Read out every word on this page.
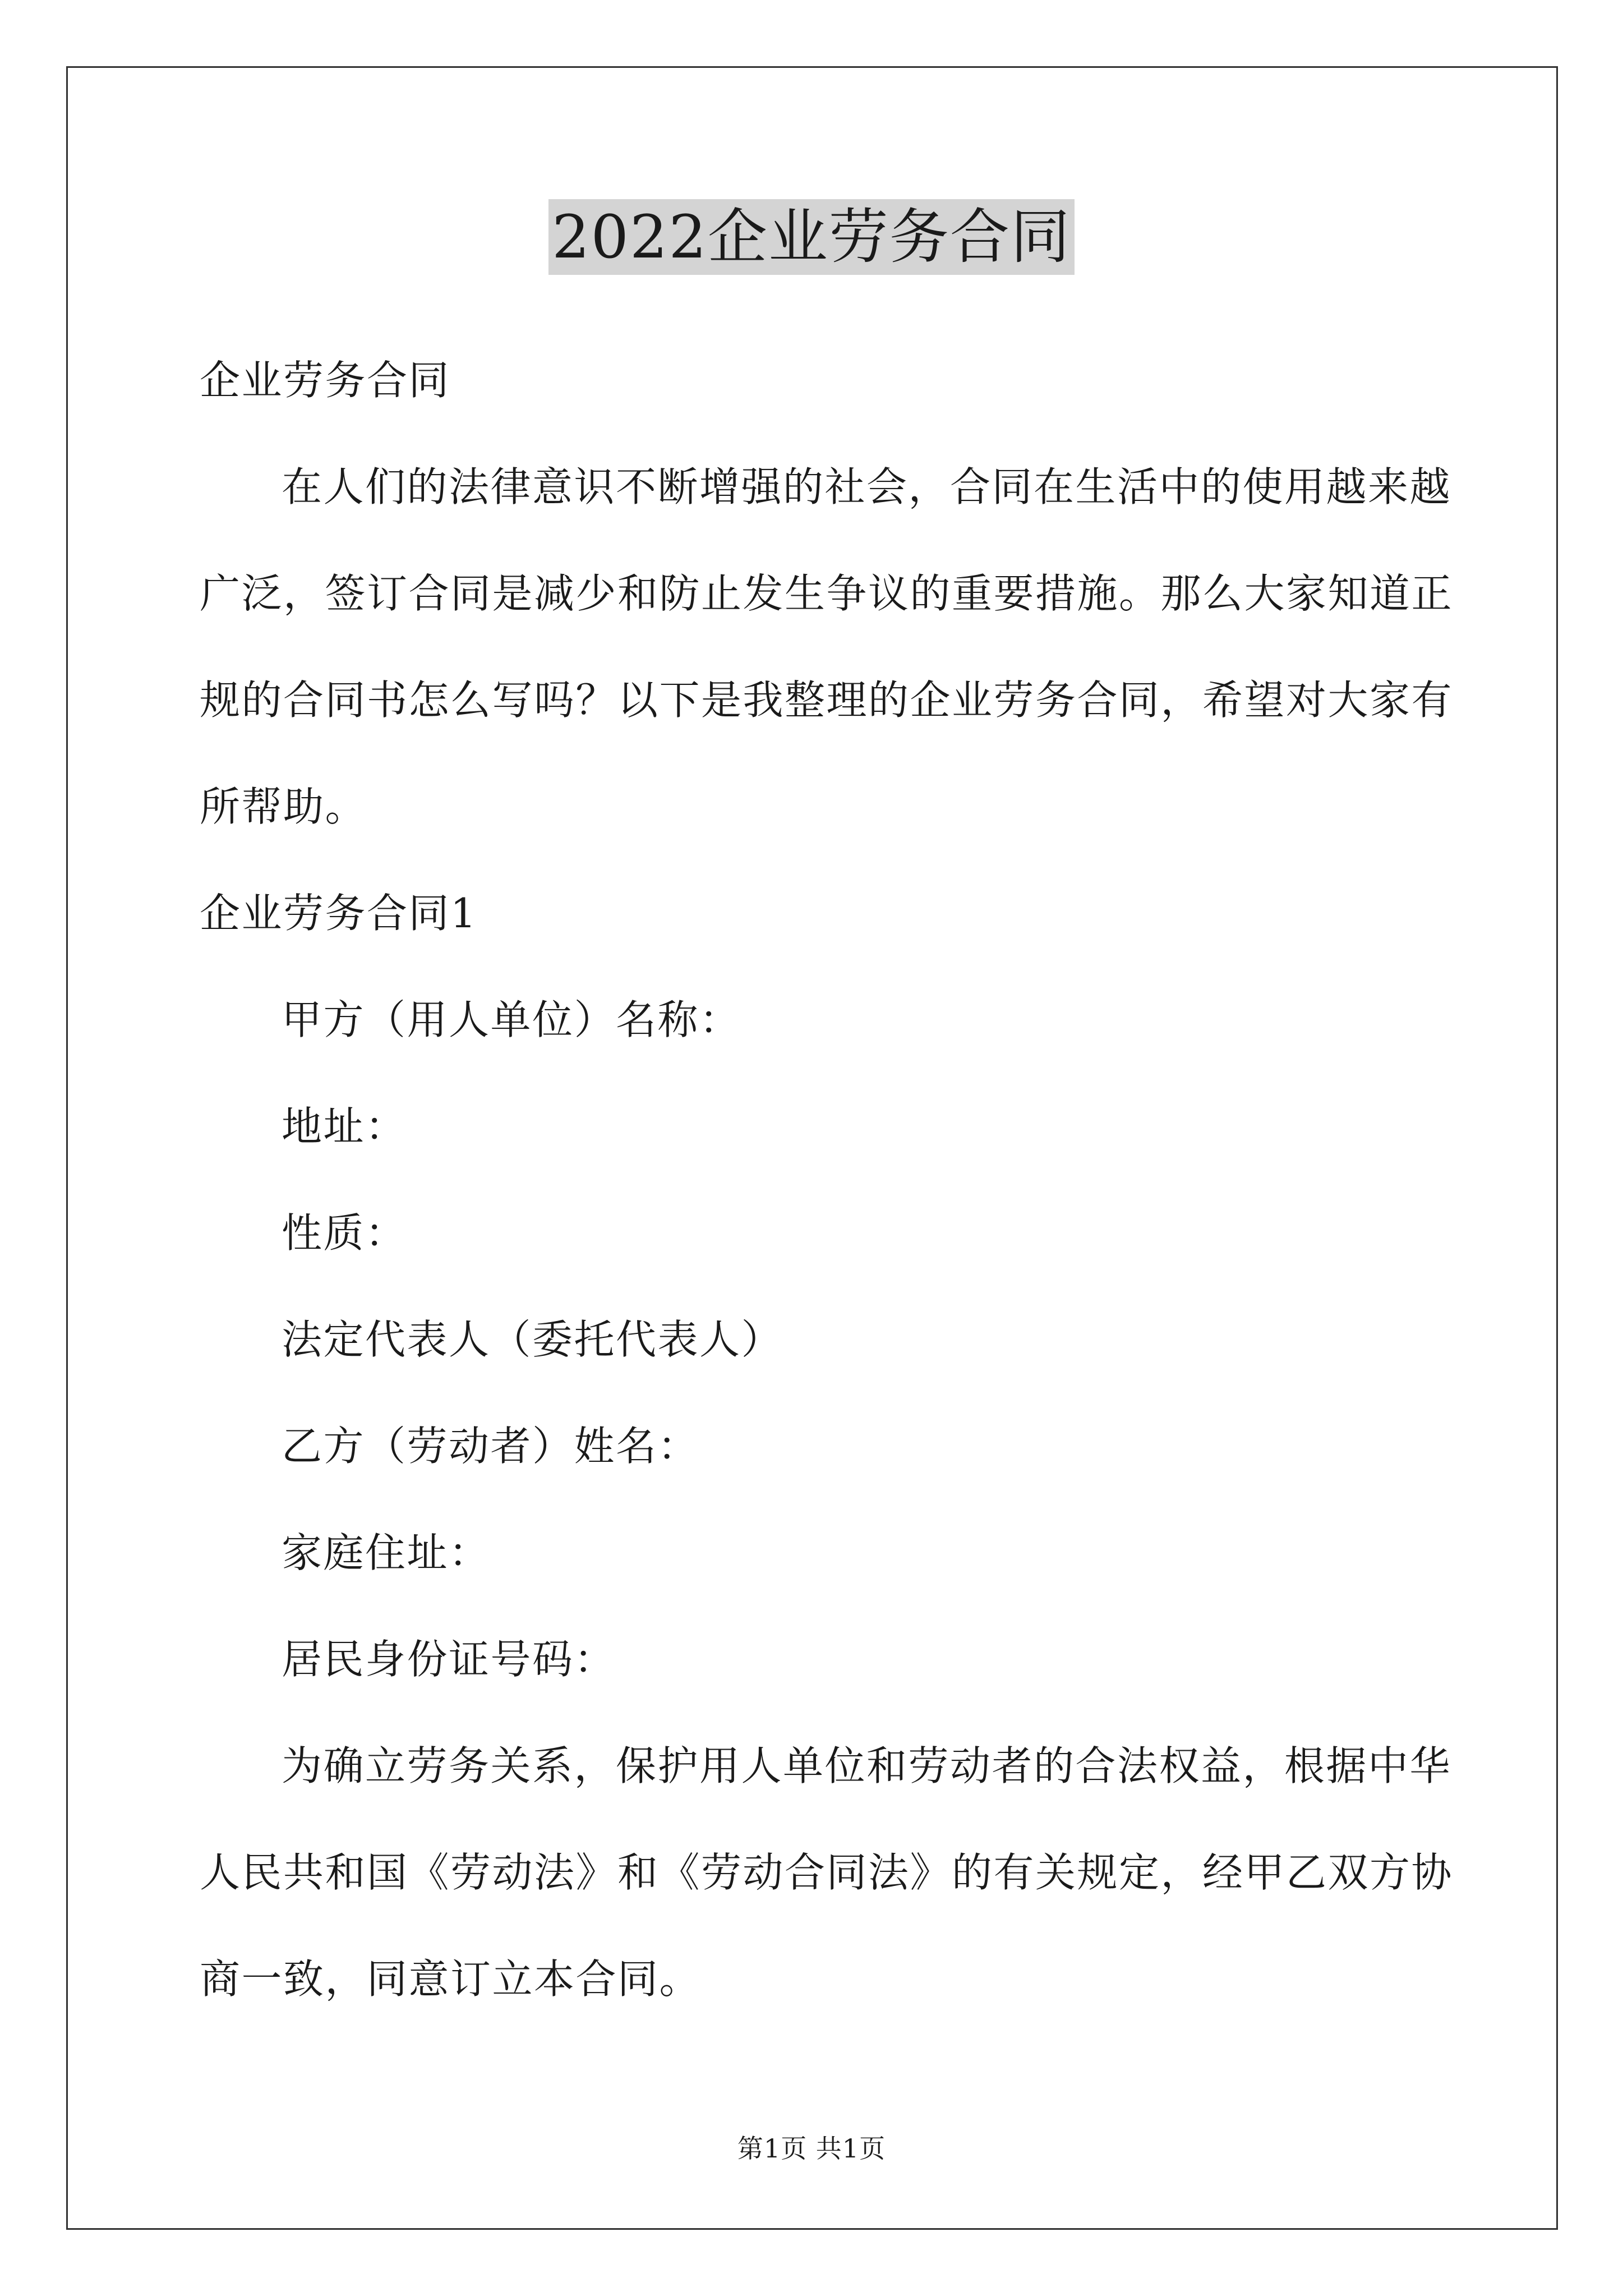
2022企业劳务合同
企业劳务合同
在人们的法律意识不断增强的社会，合同在生活中的使用越来越
广泛，签订合同是减少和防止发生争议的重要措施。那么大家知道正
规的合同书怎么写吗？以下是我整理的企业劳务合同，希望对大家有
所帮助。
企业劳务合同1
甲方（用人单位）名称：
地址：
性质：
法定代表人（委托代表人）
乙方（劳动者）姓名：
家庭住址：
居民身份证号码：
为确立劳务关系，保护用人单位和劳动者的合法权益，根据中华
人民共和国《劳动法》和《劳动合同法》的有关规定，经甲乙双方协
商一致，同意订立本合同。
第1页 共1页
